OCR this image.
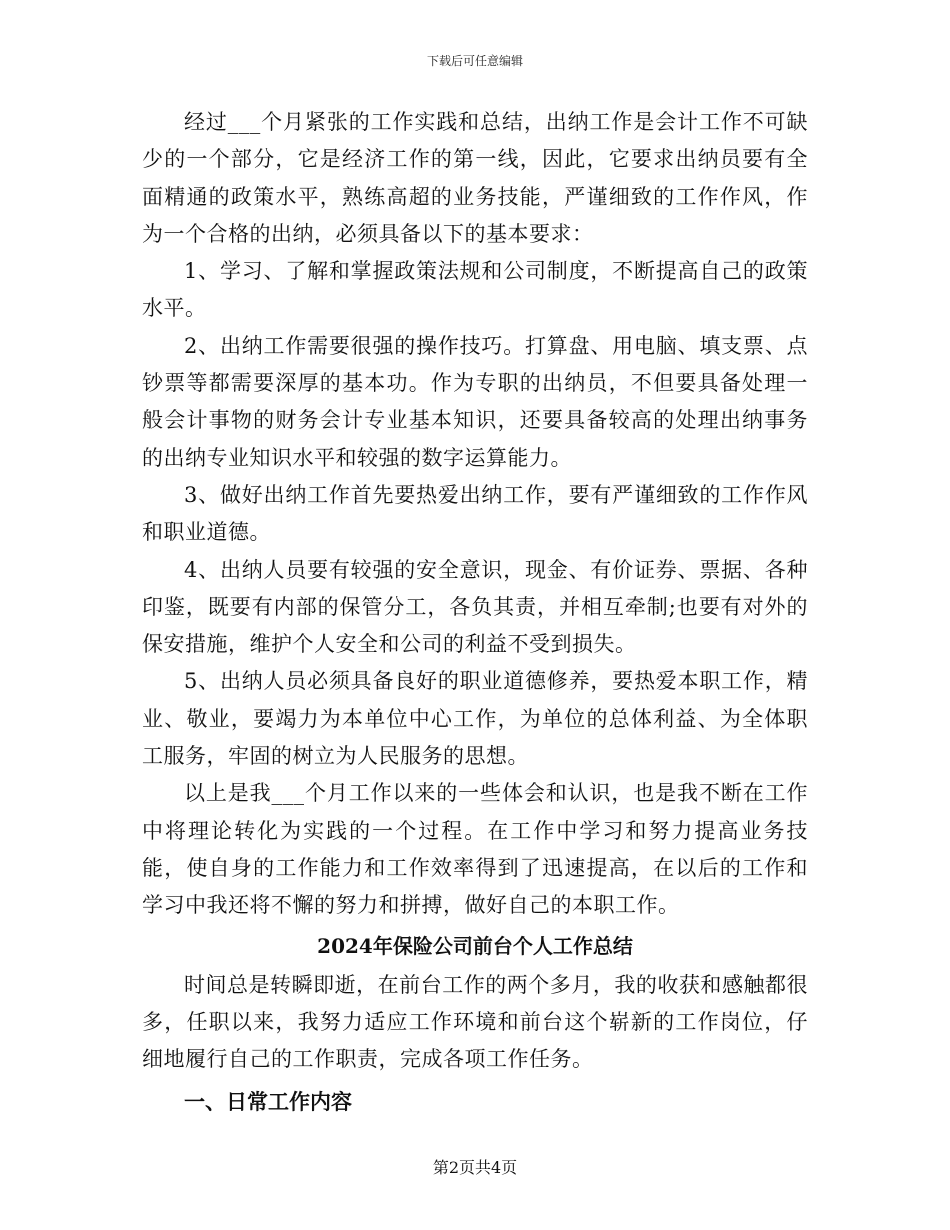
下载后可任意编辑

经过___个月紧张的工作实践和总结，出纳工作是会计工作不可缺少的一个部分，它是经济工作的第一线，因此，它要求出纳员要有全面精通的政策水平，熟练高超的业务技能，严谨细致的工作作风，作为一个合格的出纳，必须具备以下的基本要求：

1、学习、了解和掌握政策法规和公司制度，不断提高自己的政策水平。

2、出纳工作需要很强的操作技巧。打算盘、用电脑、填支票、点钞票等都需要深厚的基本功。作为专职的出纳员，不但要具备处理一般会计事物的财务会计专业基本知识，还要具备较高的处理出纳事务的出纳专业知识水平和较强的数字运算能力。

3、做好出纳工作首先要热爱出纳工作，要有严谨细致的工作作风和职业道德。

4、出纳人员要有较强的安全意识，现金、有价证券、票据、各种印鉴，既要有内部的保管分工，各负其责，并相互牵制;也要有对外的保安措施，维护个人安全和公司的利益不受到损失。

5、出纳人员必须具备良好的职业道德修养，要热爱本职工作，精业、敬业，要竭力为本单位中心工作，为单位的总体利益、为全体职工服务，牢固的树立为人民服务的思想。

以上是我___个月工作以来的一些体会和认识，也是我不断在工作中将理论转化为实践的一个过程。在工作中学习和努力提高业务技能，使自身的工作能力和工作效率得到了迅速提高，在以后的工作和学习中我还将不懈的努力和拼搏，做好自己的本职工作。

2024年保险公司前台个人工作总结

时间总是转瞬即逝，在前台工作的两个多月，我的收获和感触都很多，任职以来，我努力适应工作环境和前台这个崭新的工作岗位，仔细地履行自己的工作职责，完成各项工作任务。

一、日常工作内容

第2页共4页
